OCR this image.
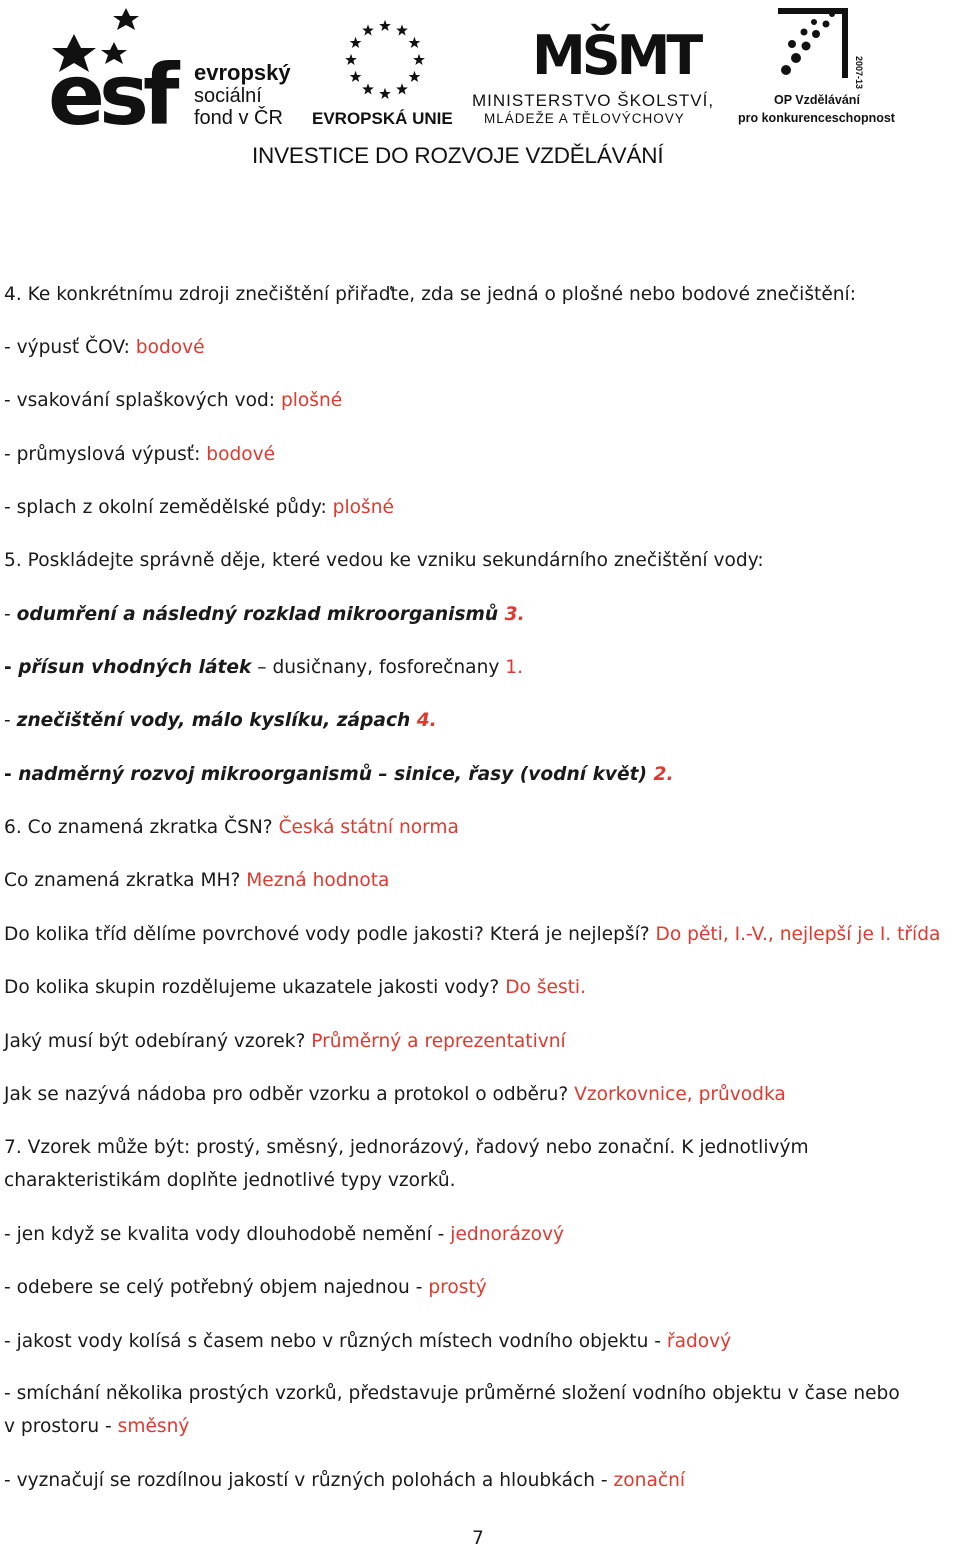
esf evropský
sociální
fond v ČR EVROPSKÁ UNIE
MŠMT
MINISTERSTVO ŠKOLSTVÍ,
MLÁDEŽE A TĚLOVÝCHOVY
2007-13
OP Vzdělávání
pro konkurenceschopnost
INVESTICE DO ROZVOJE VZDĚLÁVÁNÍ
4. Ke konkrétnímu zdroji znečištění přiřaďte, zda se jedná o plošné nebo bodové znečištění:
- výpusť ČOV: bodové
- vsakování splaškových vod: plošné
- průmyslová výpusť: bodové
- splach z okolní zemědělské půdy: plošné
5. Poskládejte správně děje, které vedou ke vzniku sekundárního znečištění vody:
- odumření a následný rozklad mikroorganismů 3.
- přísun vhodných látek – dusičnany, fosforečnany 1.
- znečištění vody, málo kyslíku, zápach 4.
- nadměrný rozvoj mikroorganismů – sinice, řasy (vodní květ) 2.
6. Co znamená zkratka ČSN? Česká státní norma
Co znamená zkratka MH? Mezná hodnota
Do kolika tříd dělíme povrchové vody podle jakosti? Která je nejlepší? Do pěti, I.-V., nejlepší je I. třída
Do kolika skupin rozdělujeme ukazatele jakosti vody? Do šesti.
Jaký musí být odebíraný vzorek? Průměrný a reprezentativní
Jak se nazývá nádoba pro odběr vzorku a protokol o odběru? Vzorkovnice, průvodka
7. Vzorek může být: prostý, směsný, jednorázový, řadový nebo zonační. K jednotlivým
charakteristikám doplňte jednotlivé typy vzorků.
- jen když se kvalita vody dlouhodobě nemění - jednorázový
- odebere se celý potřebný objem najednou - prostý
- jakost vody kolísá s časem nebo v různých místech vodního objektu - řadový
- smíchání několika prostých vzorků, představuje průměrné složení vodního objektu v čase nebo
v prostoru - směsný
- vyznačují se rozdílnou jakostí v různých polohách a hloubkách - zonační
7
